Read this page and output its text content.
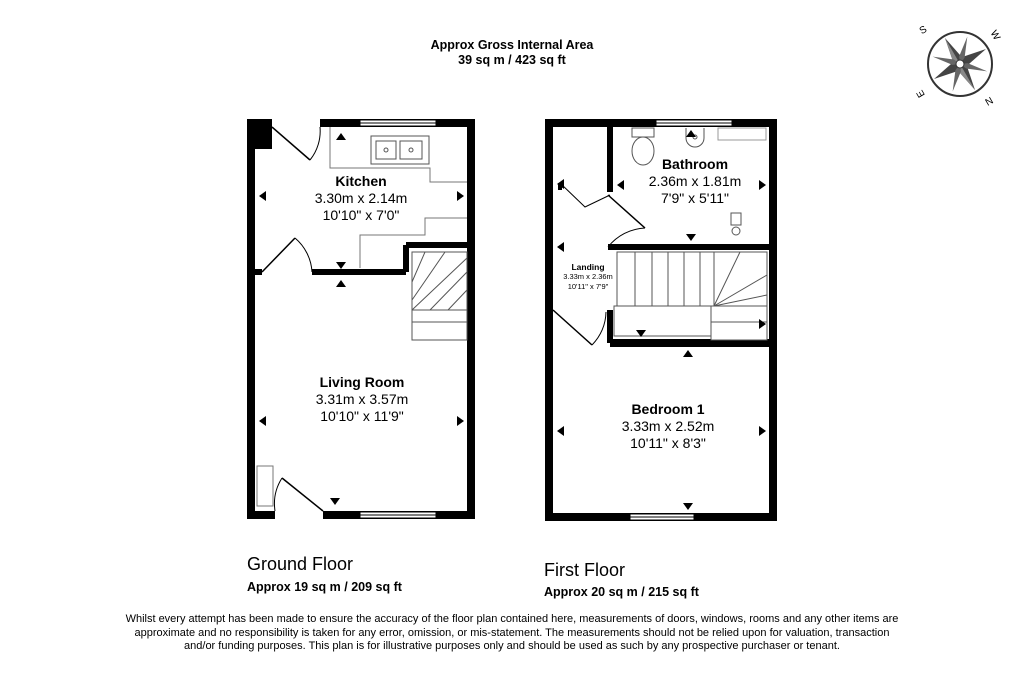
Approx Gross Internal Area
39 sq m / 423 sq ft
S	W
E
N
Kitchen
3.30m x 2.14m
10'10" x 7'0"
Living Room
3.31m x 3.57m
10'10" x 11'9"
Bathroom
2.36m x 1.81m
7'9" x 5'11"
Landing
3.33m x 2.36m
10'11" x 7'9"
Bedroom 1
3.33m x 2.52m
10'11" x 8'3"
Ground Floor
Approx 19 sq m / 209 sq ft
First Floor
Approx 20 sq m / 215 sq ft
Whilst every attempt has been made to ensure the accuracy of the floor plan contained here, measurements of doors, windows, rooms and any other items are approximate and no responsibility is taken for any error, omission, or mis-statement. The measurements should not be relied upon for valuation, transaction and/or funding purposes. This plan is for illustrative purposes only and should be used as such by any prospective purchaser or tenant.
